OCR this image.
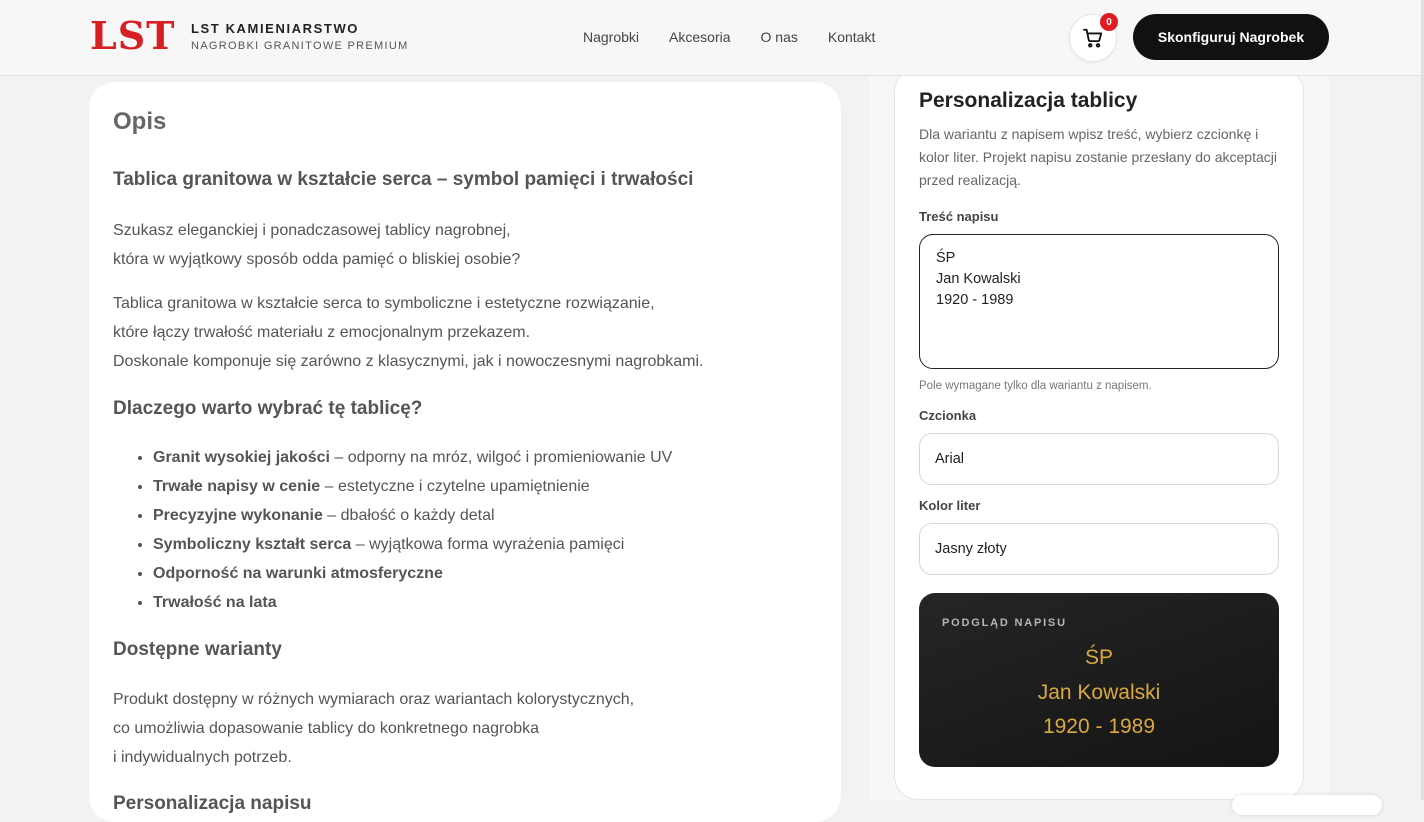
LST LST KAMIENIARSTWO
NAGROBKI GRANITOWE PREMIUM
Nagrobki Akcesoria O nas Kontakt
0
Skonfiguruj Nagrobek
Opis
Tablica granitowa w kształcie serca – symbol pamięci i trwałości
Szukasz eleganckiej i ponadczasowej tablicy nagrobnej,
która w wyjątkowy sposób odda pamięć o bliskiej osobie?
Tablica granitowa w kształcie serca to symboliczne i estetyczne rozwiązanie,
które łączy trwałość materiału z emocjonalnym przekazem.
Doskonale komponuje się zarówno z klasycznymi, jak i nowoczesnymi nagrobkami.
Dlaczego warto wybrać tę tablicę?
• Granit wysokiej jakości – odporny na mróz, wilgoć i promieniowanie UV
• Trwałe napisy w cenie – estetyczne i czytelne upamiętnienie
• Precyzyjne wykonanie – dbałość o każdy detal
• Symboliczny kształt serca – wyjątkowa forma wyrażenia pamięci
• Odporność na warunki atmosferyczne
• Trwałość na lata
Dostępne warianty
Produkt dostępny w różnych wymiarach oraz wariantach kolorystycznych,
co umożliwia dopasowanie tablicy do konkretnego nagrobka
i indywidualnych potrzeb.
Personalizacja napisu
Personalizacja tablicy
Dla wariantu z napisem wpisz treść, wybierz czcionkę i kolor liter. Projekt napisu zostanie przesłany do akceptacji przed realizacją.
Treść napisu
ŚP Jan Kowalski 1920 - 1989
Pole wymagane tylko dla wariantu z napisem.
Czcionka
Arial
Kolor liter
Jasny złoty
PODGLĄD NAPISU
ŚP
Jan Kowalski
1920 - 1989
